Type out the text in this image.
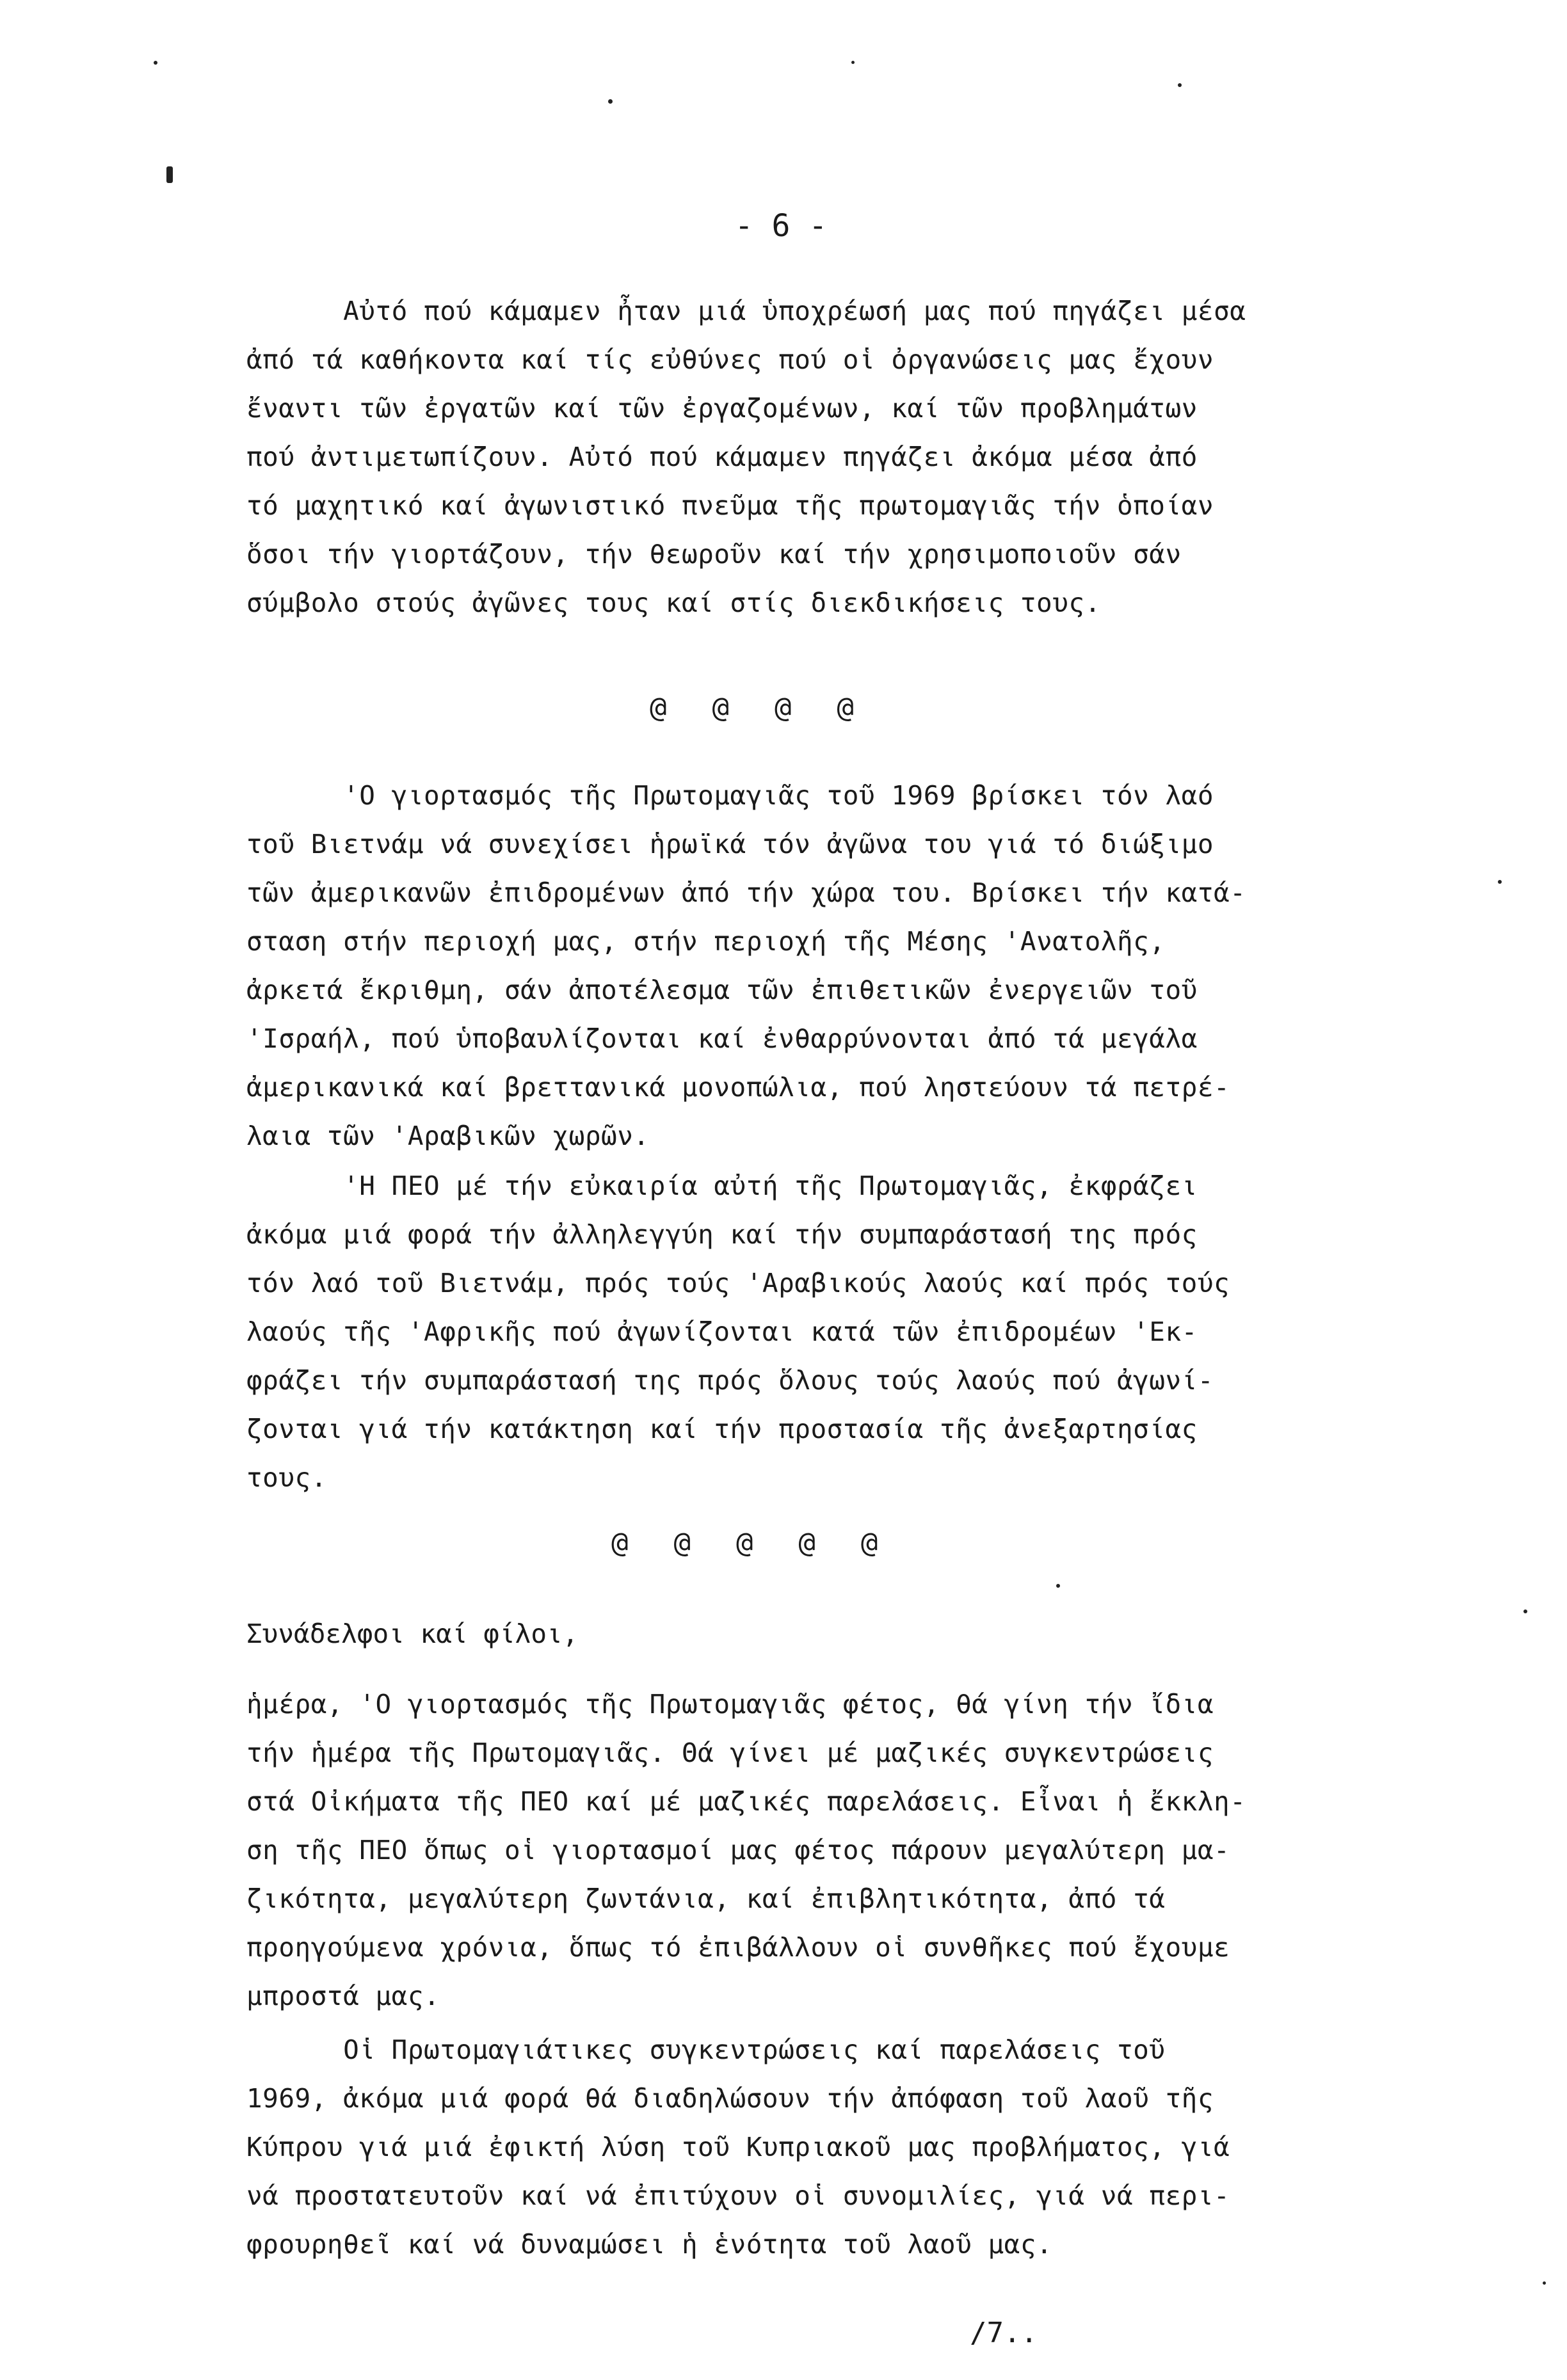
- 6 -
Αὐτό πού κάμαμεν ἦταν μιά ὑποχρέωσή μας πού πηγάζει μέσα
ἀπό τά καθήκοντα καί τίς εὐθύνες πού οἱ ὀργανώσεις μας ἔχουν
ἔναντι τῶν ἐργατῶν καί τῶν ἐργαζομένων, καί τῶν προβλημάτων
πού ἀντιμετωπίζουν. Αὐτό πού κάμαμεν πηγάζει ἀκόμα μέσα ἀπό
τό μαχητικό καί ἀγωνιστικό πνεῦμα τῆς πρωτομαγιᾶς τήν ὁποίαν
ὅσοι τήν γιορτάζουν, τήν θεωροῦν καί τήν χρησιμοποιοῦν σάν
σύμβολο στούς ἀγῶνες τους καί στίς διεκδικήσεις τους.
@  @  @  @
'Ο γιορτασμός τῆς Πρωτομαγιᾶς τοῦ 1969 βρίσκει τόν λαό
τοῦ Βιετνάμ νά συνεχίσει ἡρωϊκά τόν ἀγῶνα του γιά τό διώξιμο
τῶν ἀμερικανῶν ἐπιδρομένων ἀπό τήν χώρα του. Βρίσκει τήν κατά-
σταση στήν περιοχή μας, στήν περιοχή τῆς Μέσης 'Ανατολῆς,
ἀρκετά ἔκριθμη, σάν ἀποτέλεσμα τῶν ἐπιθετικῶν ἐνεργειῶν τοῦ
'Ισραήλ, πού ὑποβαυλίζονται καί ἐνθαρρύνονται ἀπό τά μεγάλα
ἀμερικανικά καί βρεττανικά μονοπώλια, πού ληστεύουν τά πετρέ-
λαια τῶν 'Αραβικῶν χωρῶν.
'Η ΠΕΟ μέ τήν εὐκαιρία αὐτή τῆς Πρωτομαγιᾶς, ἐκφράζει
ἀκόμα μιά φορά τήν ἀλληλεγγύη καί τήν συμπαράστασή της πρός
τόν λαό τοῦ Βιετνάμ, πρός τούς 'Αραβικούς λαούς καί πρός τούς
λαούς τῆς 'Αφρικῆς πού ἀγωνίζονται κατά τῶν ἐπιδρομέων 'Εκ-
φράζει τήν συμπαράστασή της πρός ὅλους τούς λαούς πού ἀγωνί-
ζονται γιά τήν κατάκτηση καί τήν προστασία τῆς ἀνεξαρτησίας
τους.
@  @  @  @  @
Συνάδελφοι καί φίλοι,
ἡμέρα, 'Ο γιορτασμός τῆς Πρωτομαγιᾶς φέτος, θά γίνη τήν ἴδια
τήν ἡμέρα τῆς Πρωτομαγιᾶς. Θά γίνει μέ μαζικές συγκεντρώσεις
στά Οἰκήματα τῆς ΠΕΟ καί μέ μαζικές παρελάσεις. Εἶναι ἡ ἔκκλη-
ση τῆς ΠΕΟ ὅπως οἱ γιορτασμοί μας φέτος πάρουν μεγαλύτερη μα-
ζικότητα, μεγαλύτερη ζωντάνια, καί ἐπιβλητικότητα, ἀπό τά
προηγούμενα χρόνια, ὅπως τό ἐπιβάλλουν οἱ συνθῆκες πού ἔχουμε
μπροστά μας.
Οἱ Πρωτομαγιάτικες συγκεντρώσεις καί παρελάσεις τοῦ
1969, ἀκόμα μιά φορά θά διαδηλώσουν τήν ἀπόφαση τοῦ λαοῦ τῆς
Κύπρου γιά μιά ἐφικτή λύση τοῦ Κυπριακοῦ μας προβλήματος, γιά
νά προστατευτοῦν καί νά ἐπιτύχουν οἱ συνομιλίες, γιά νά περι-
φρουρηθεῖ καί νά δυναμώσει ἡ ἑνότητα τοῦ λαοῦ μας.
/7..
